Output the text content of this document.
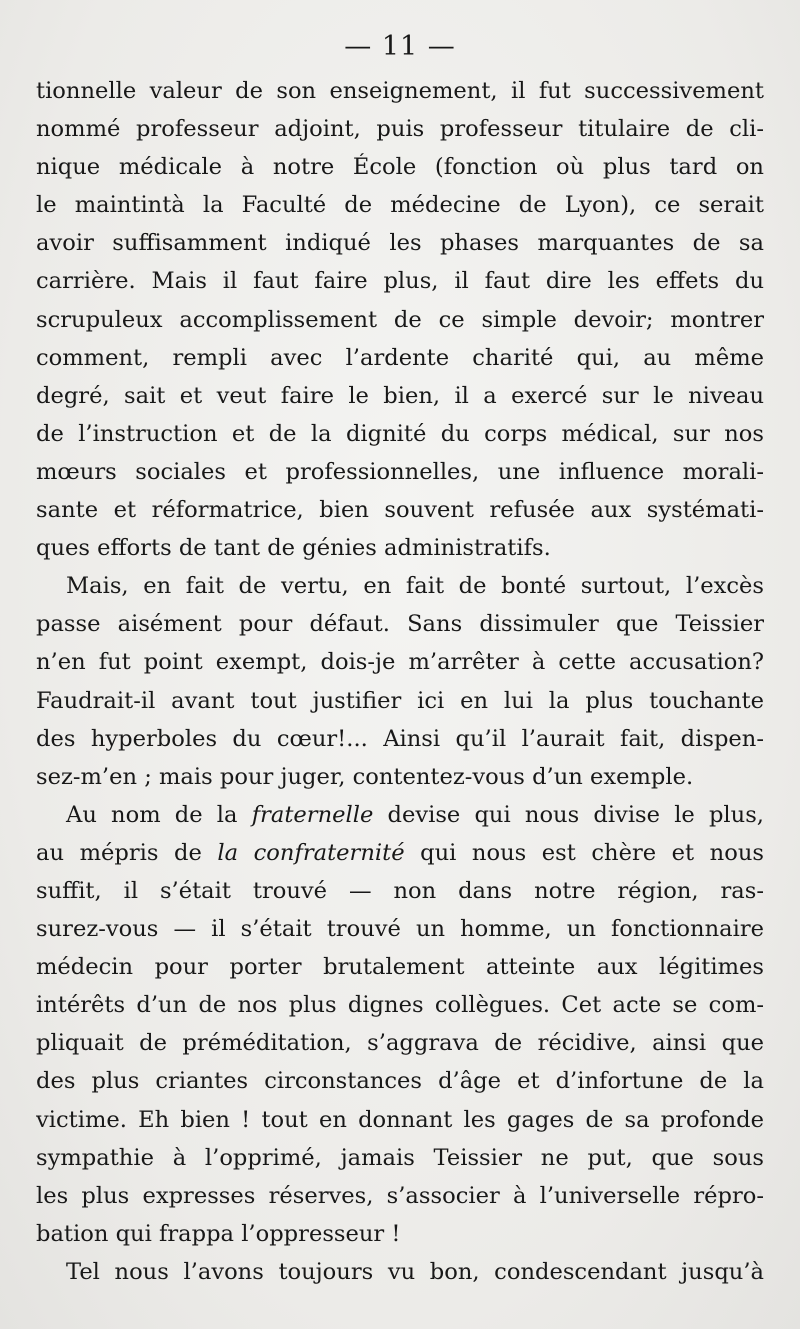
— 11 —
tionnelle valeur de son enseignement, il fut successivement
nommé professeur adjoint, puis professeur titulaire de cli-
nique médicale à notre École (fonction où plus tard on
le maintintà la Faculté de médecine de Lyon), ce serait
avoir suffisamment indiqué les phases marquantes de sa
carrière. Mais il faut faire plus, il faut dire les effets du
scrupuleux accomplissement de ce simple devoir; montrer
comment, rempli avec l’ardente charité qui, au même
degré, sait et veut faire le bien, il a exercé sur le niveau
de l’instruction et de la dignité du corps médical, sur nos
mœurs sociales et professionnelles, une influence morali-
sante et réformatrice, bien souvent refusée aux systémati-
ques efforts de tant de génies administratifs.
Mais, en fait de vertu, en fait de bonté surtout, l’excès
passe aisément pour défaut. Sans dissimuler que Teissier
n’en fut point exempt, dois-je m’arrêter à cette accusation?
Faudrait-il avant tout justifier ici en lui la plus touchante
des hyperboles du cœur!... Ainsi qu’il l’aurait fait, dispen-
sez-m’en ; mais pour juger, contentez-vous d’un exemple.
Au nom de la fraternelle devise qui nous divise le plus,
au mépris de la confraternité qui nous est chère et nous
suffit, il s’était trouvé — non dans notre région, ras-
surez-vous — il s’était trouvé un homme, un fonctionnaire
médecin pour porter brutalement atteinte aux légitimes
intérêts d’un de nos plus dignes collègues. Cet acte se com-
pliquait de préméditation, s’aggrava de récidive, ainsi que
des plus criantes circonstances d’âge et d’infortune de la
victime. Eh bien ! tout en donnant les gages de sa profonde
sympathie à l’opprimé, jamais Teissier ne put, que sous
les plus expresses réserves, s’associer à l’universelle répro-
bation qui frappa l’oppresseur !
Tel nous l’avons toujours vu bon, condescendant jusqu’à
